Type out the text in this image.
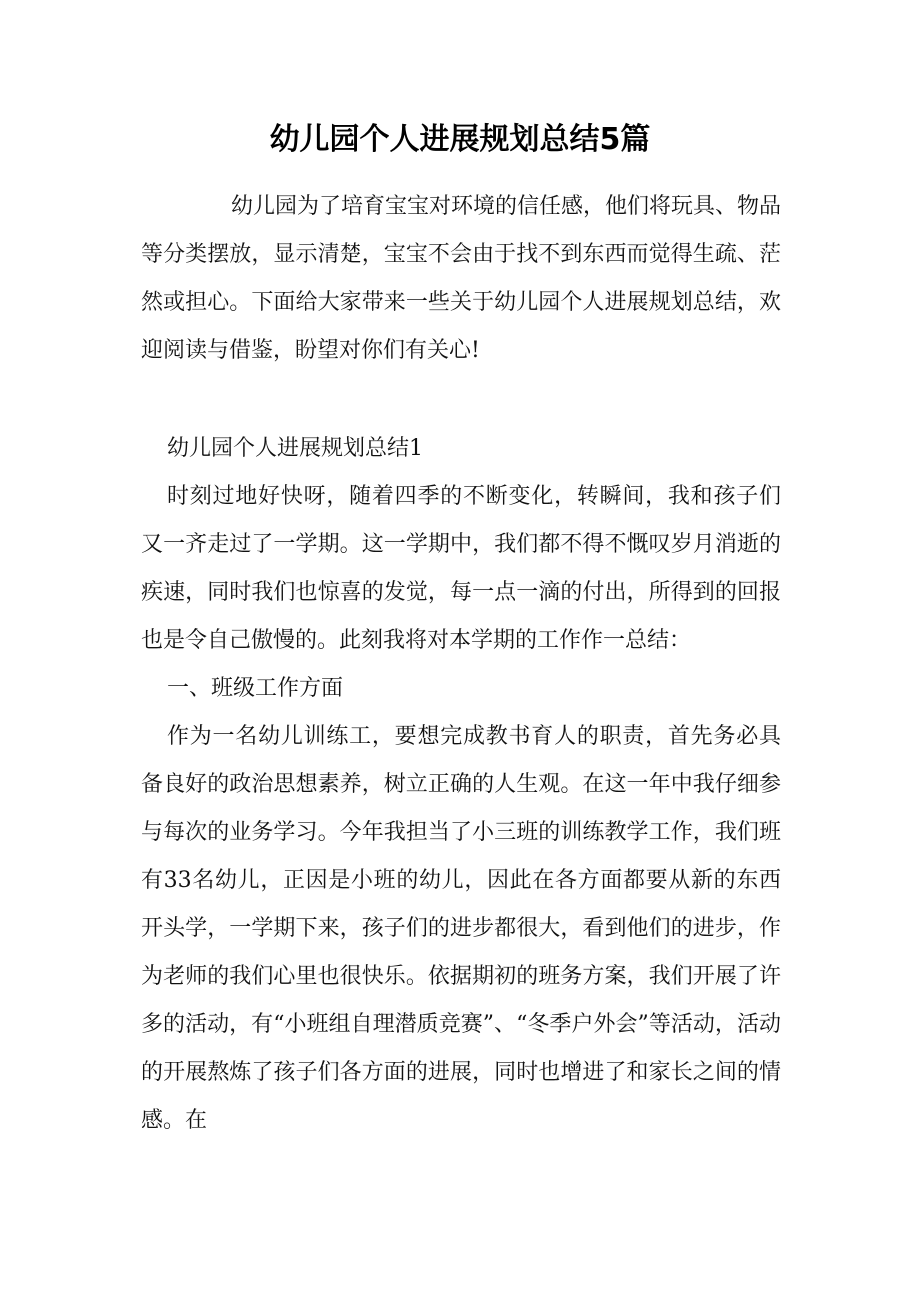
幼儿园个人进展规划总结5篇

幼儿园为了培育宝宝对环境的信任感，他们将玩具、物品等分类摆放，显示清楚，宝宝不会由于找不到东西而觉得生疏、茫然或担心。下面给大家带来一些关于幼儿园个人进展规划总结，欢迎阅读与借鉴，盼望对你们有关心!

幼儿园个人进展规划总结1

时刻过地好快呀，随着四季的不断变化，转瞬间，我和孩子们又一齐走过了一学期。这一学期中，我们都不得不慨叹岁月消逝的疾速，同时我们也惊喜的发觉，每一点一滴的付出，所得到的回报也是令自己傲慢的。此刻我将对本学期的工作作一总结：

一、班级工作方面

作为一名幼儿训练工，要想完成教书育人的职责，首先务必具备良好的政治思想素养，树立正确的人生观。在这一年中我仔细参与每次的业务学习。今年我担当了小三班的训练教学工作，我们班有33名幼儿，正因是小班的幼儿，因此在各方面都要从新的东西开头学，一学期下来，孩子们的进步都很大，看到他们的进步，作为老师的我们心里也很快乐。依据期初的班务方案，我们开展了许多的活动，有“小班组自理潜质竞赛”、“冬季户外会”等活动，活动的开展熬炼了孩子们各方面的进展，同时也增进了和家长之间的情感。在
